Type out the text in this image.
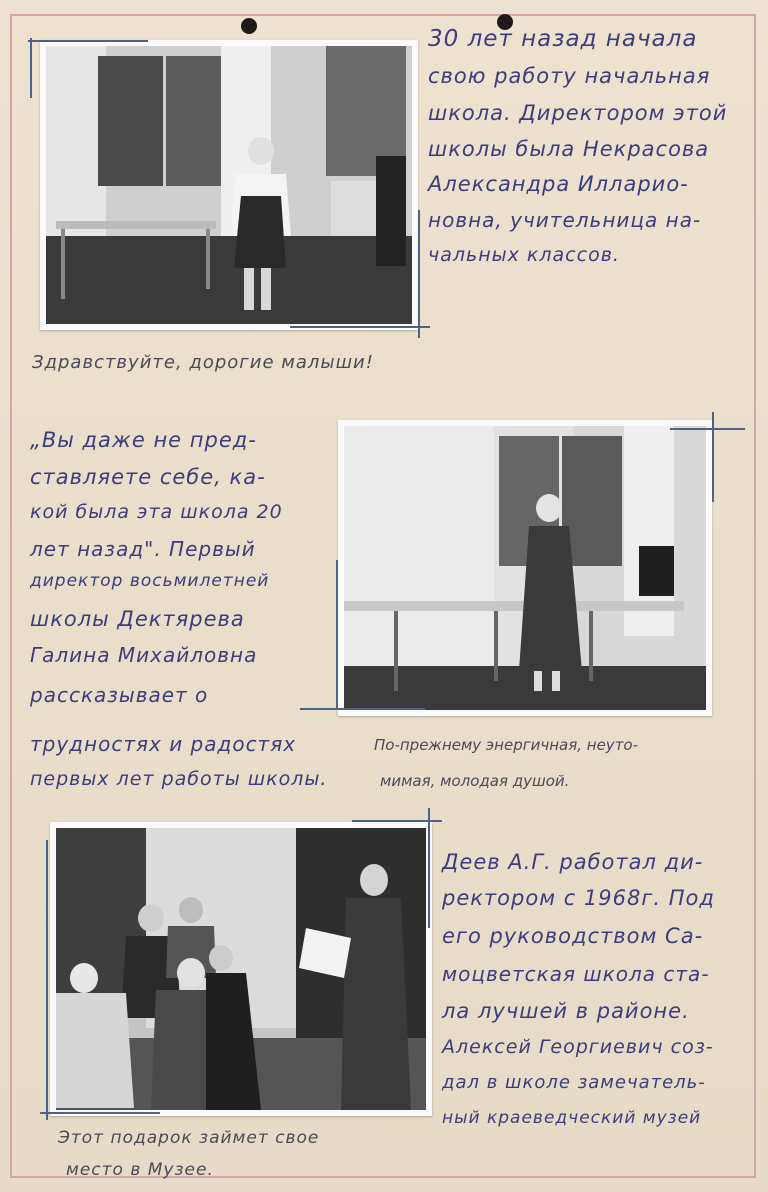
30 лет назад начала

свою работу начальная

школа. Директором этой

школы была Некрасова

Александра Илларио-

новна, учительница на-

чальных классов.

Здравствуйте, дорогие малыши!

„Вы даже не пред-

ставляете себе, ка-

кой была эта школа 20

лет назад". Первый

директор восьмилетней

школы Дектярева

Галина Михайловна

рассказывает о

трудностях и радостях

первых лет работы школы.

По-прежнему энергичная, неуто-

мимая, молодая душой.

Деев А.Г. работал ди-

ректором с 1968г. Под

его руководством Са-

моцветская школа ста-

ла лучшей в районе.

Алексей Георгиевич соз-

дал в школе замечатель-

ный краеведческий музей

Этот подарок займет свое

место в Музее.
